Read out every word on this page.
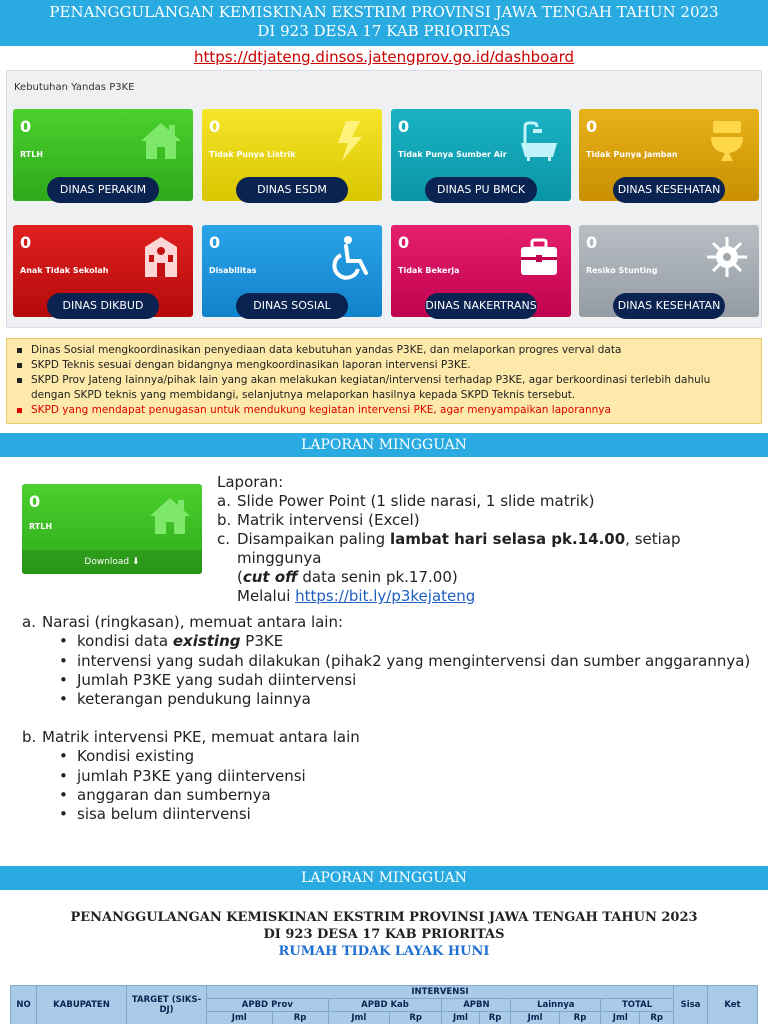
PENANGGULANGAN KEMISKINAN EKSTRIM PROVINSI JAWA TENGAH TAHUN 2023
DI 923 DESA 17 KAB PRIORITAS
https://dtjateng.dinsos.jatengprov.go.id/dashboard
Kebutuhan Yandas P3KE
0
RTLH
DINAS PERAKIM
0
Tidak Punya Listrik
DINAS ESDM
0
Tidak Punya Sumber Air
DINAS PU BMCK
0
Tidak Punya Jamban
DINAS KESEHATAN
0
Anak Tidak Sekolah
DINAS DIKBUD
0
Disabilitas
DINAS SOSIAL
0
Tidak Bekerja
DINAS NAKERTRANS
0
Resiko Stunting
DINAS KESEHATAN
Dinas Sosial mengkoordinasikan penyediaan data kebutuhan yandas P3KE, dan melaporkan progres verval data
SKPD Teknis sesuai dengan bidangnya mengkoordinasikan laporan intervensi P3KE.
SKPD Prov Jateng lainnya/pihak lain yang akan melakukan kegiatan/intervensi terhadap P3KE, agar berkoordinasi terlebih dahulu dengan SKPD teknis yang membidangi, selanjutnya melaporkan hasilnya kepada SKPD Teknis tersebut.
SKPD yang mendapat penugasan untuk mendukung kegiatan intervensi PKE, agar menyampaikan laporannya
LAPORAN MINGGUAN
0
RTLH
Download ⬇
Laporan:
a. Slide Power Point (1 slide narasi, 1 slide matrik)
b. Matrik intervensi (Excel)
c. Disampaikan paling lambat hari selasa pk.14.00, setiap minggunya
(cut off data senin pk.17.00)
Melalui https://bit.ly/p3kejateng
a. Narasi (ringkasan), memuat antara lain:
• kondisi data existing P3KE
• intervensi yang sudah dilakukan (pihak2 yang mengintervensi dan sumber anggarannya)
• Jumlah P3KE yang sudah diintervensi
• keterangan pendukung lainnya
b. Matrik intervensi PKE, memuat antara lain
• Kondisi existing
• jumlah P3KE yang diintervensi
• anggaran dan sumbernya
• sisa belum diintervensi
LAPORAN MINGGUAN
PENANGGULANGAN KEMISKINAN EKSTRIM PROVINSI JAWA TENGAH TAHUN 2023
DI 923 DESA 17 KAB PRIORITAS
RUMAH TIDAK LAYAK HUNI
NO	KABUPATEN	TARGET (SIKS-DJ)	INTERVENSI										Sisa	Ket
			APBD Prov		APBD Kab		APBN		Lainnya		TOTAL			
			Jml	Rp	Jml	Rp	Jml	Rp	Jml	Rp	Jml	Rp		
